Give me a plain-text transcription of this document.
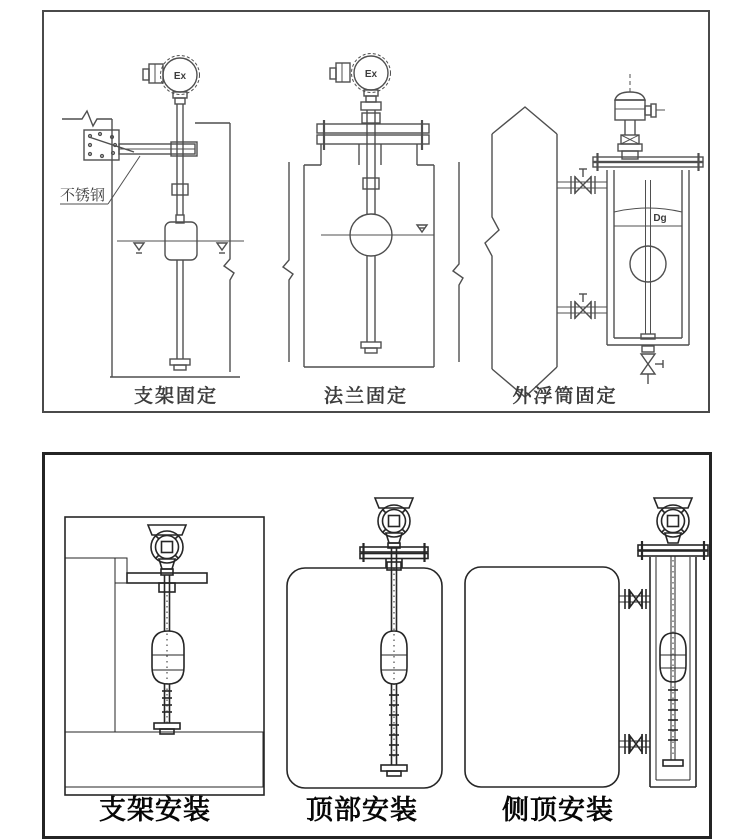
Ex
不锈钢
支架固定
Ex
法兰固定
Dg
外浮筒固定
支架安装	顶部安装	侧顶安装
